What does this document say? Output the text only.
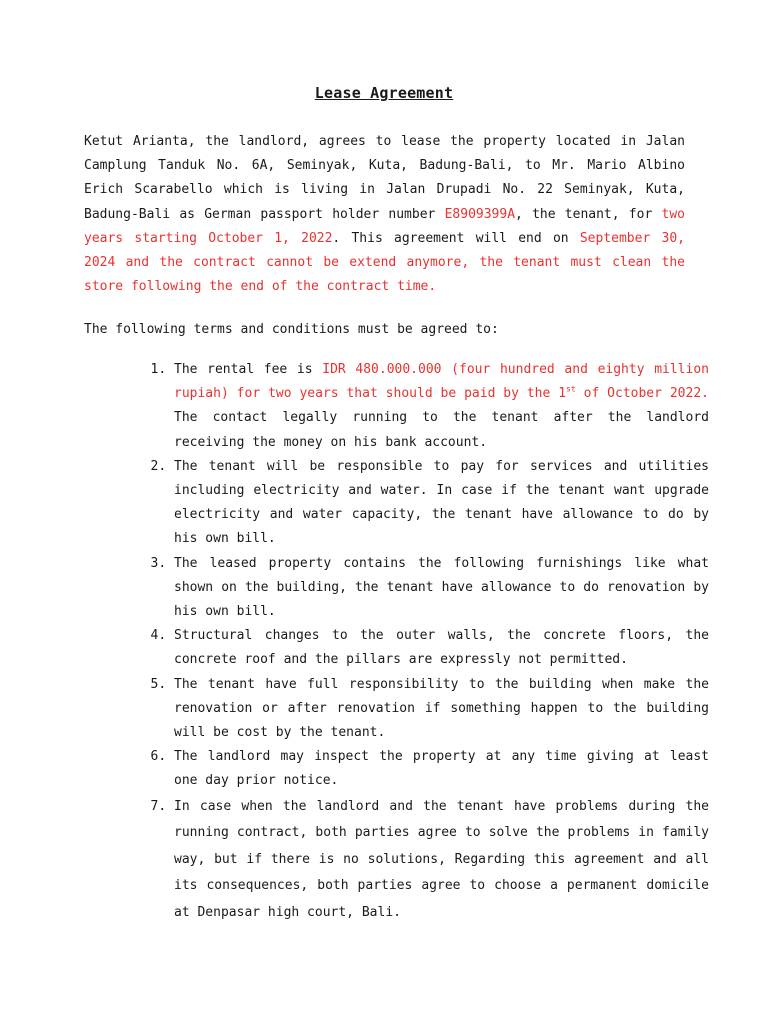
Lease Agreement

Ketut Arianta, the landlord, agrees to lease the property located in Jalan Camplung Tanduk No. 6A, Seminyak, Kuta, Badung-Bali, to Mr. Mario Albino Erich Scarabello which is living in Jalan Drupadi No. 22 Seminyak, Kuta, Badung-Bali as German passport holder number E8909399A, the tenant, for two years starting October 1, 2022. This agreement will end on September 30, 2024 and the contract cannot be extend anymore, the tenant must clean the store following the end of the contract time.

The following terms and conditions must be agreed to:

1. The rental fee is IDR 480.000.000 (four hundred and eighty million rupiah) for two years that should be paid by the 1st of October 2022. The contact legally running to the tenant after the landlord receiving the money on his bank account.
2. The tenant will be responsible to pay for services and utilities including electricity and water. In case if the tenant want upgrade electricity and water capacity, the tenant have allowance to do by his own bill.
3. The leased property contains the following furnishings like what shown on the building, the tenant have allowance to do renovation by his own bill.
4. Structural changes to the outer walls, the concrete floors, the concrete roof and the pillars are expressly not permitted.
5. The tenant have full responsibility to the building when make the renovation or after renovation if something happen to the building will be cost by the tenant.
6. The landlord may inspect the property at any time giving at least one day prior notice.
7. In case when the landlord and the tenant have problems during the running contract, both parties agree to solve the problems in family way, but if there is no solutions, Regarding this agreement and all its consequences, both parties agree to choose a permanent domicile at Denpasar high court, Bali.
